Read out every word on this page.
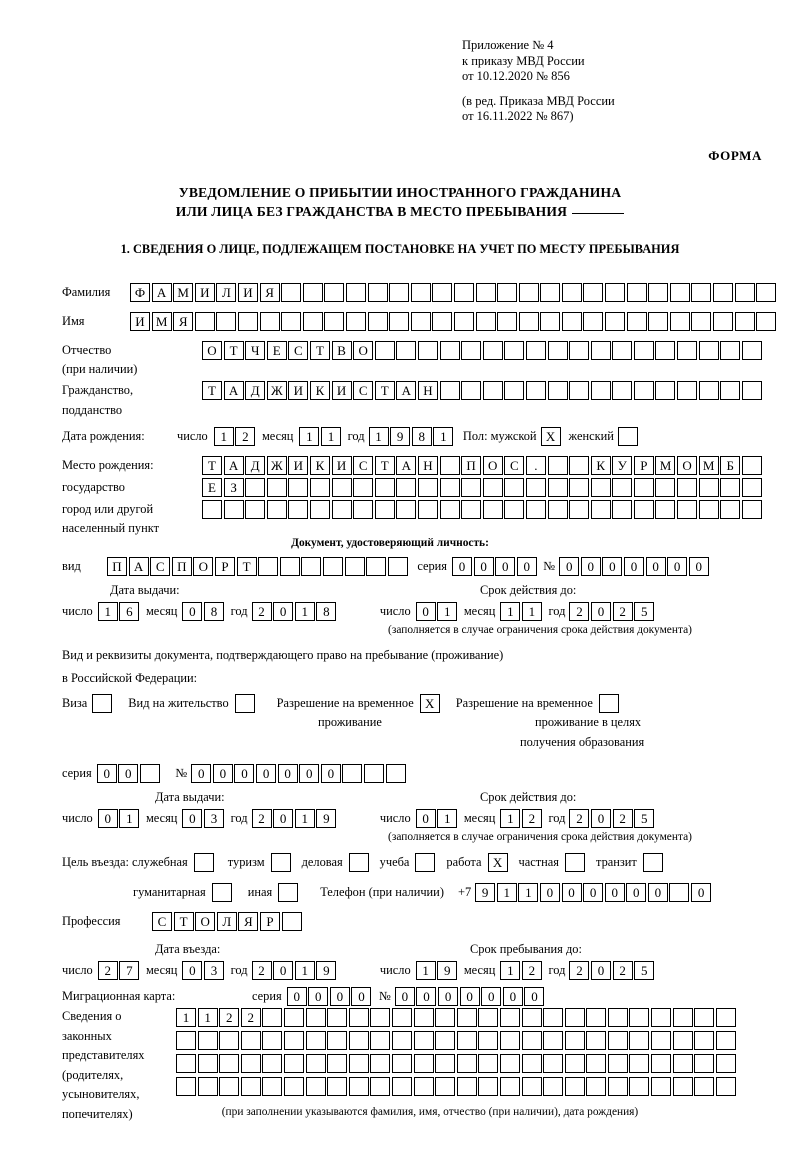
Приложение № 4
к приказу МВД России
от 10.12.2020 № 856
(в ред. Приказа МВД России
от 16.11.2022 № 867)
ФОРМА
УВЕДОМЛЕНИЕ О ПРИБЫТИИ ИНОСТРАННОГО ГРАЖДАНИНА
ИЛИ ЛИЦА БЕЗ ГРАЖДАНСТВА В МЕСТО ПРЕБЫВАНИЯ
1. СВЕДЕНИЯ О ЛИЦЕ, ПОДЛЕЖАЩЕМ ПОСТАНОВКЕ НА УЧЕТ ПО МЕСТУ ПРЕБЫВАНИЯ
Фамилия	Ф А М И Л И Я
Имя	И М Я
Отчество	О Т	Ч	Е	С	Т	В О
(при наличии)
Гражданство,	Т А Д Ж И К И С	Т А Н
подданство
Дата рождения:	число 1	2	месяц 1	1	год 1	9	8	1	Пол: мужской X	женский
Место рождения:	Т А Д Ж И К И С	Т А Н	П О С	.	К У	Р М О М Б
государство	Е	З
город или другой
населенный пункт
Документ, удостоверяющий личность:
вид	П А С П О	Р	Т	серия 0	0	0	0	№ 0	0	0	0	0	0	0
Дата выдачи:	Срок действия до:
число 1	6	месяц 0	8	год 2	0	1	8	число 0	1	месяц 1	1	год 2	0	2	5
(заполняется в случае ограничения срока действия документа)
Вид и реквизиты документа, подтверждающего право на пребывание (проживание)
в Российской Федерации:
Виза	Вид на жительство	Разрешение на временное X	Разрешение на временное
проживание	проживание в целях
получения образования
серия 0	0	№ 0	0	0	0	0	0	0
Дата выдачи:	Срок действия до:
число 0	1	месяц 0	3	год 2	0	1	9	число 0	1	месяц 1	2	год 2	0	2	5
(заполняется в случае ограничения срока действия документа)
Цель въезда: служебная	туризм	деловая	учеба	работа X	частная	транзит
гуманитарная	иная	Телефон (при наличии) +7 9	1	1	0	0	0	0	0	0	0
Профессия	С	Т О Л Я	Р
Дата въезда:	Срок пребывания до:
число 2	7	месяц 0	3	год 2	0	1	9	число 1	9	месяц 1	2	год 2	0	2	5
Миграционная карта:	серия 0	0	0	0	№ 0	0	0	0	0	0	0
Сведения о
законных
представителях
(родителях,
усыновителях,
попечителях)
1	1	2	2
(при заполнении указываются фамилия, имя, отчество (при наличии), дата рождения)
